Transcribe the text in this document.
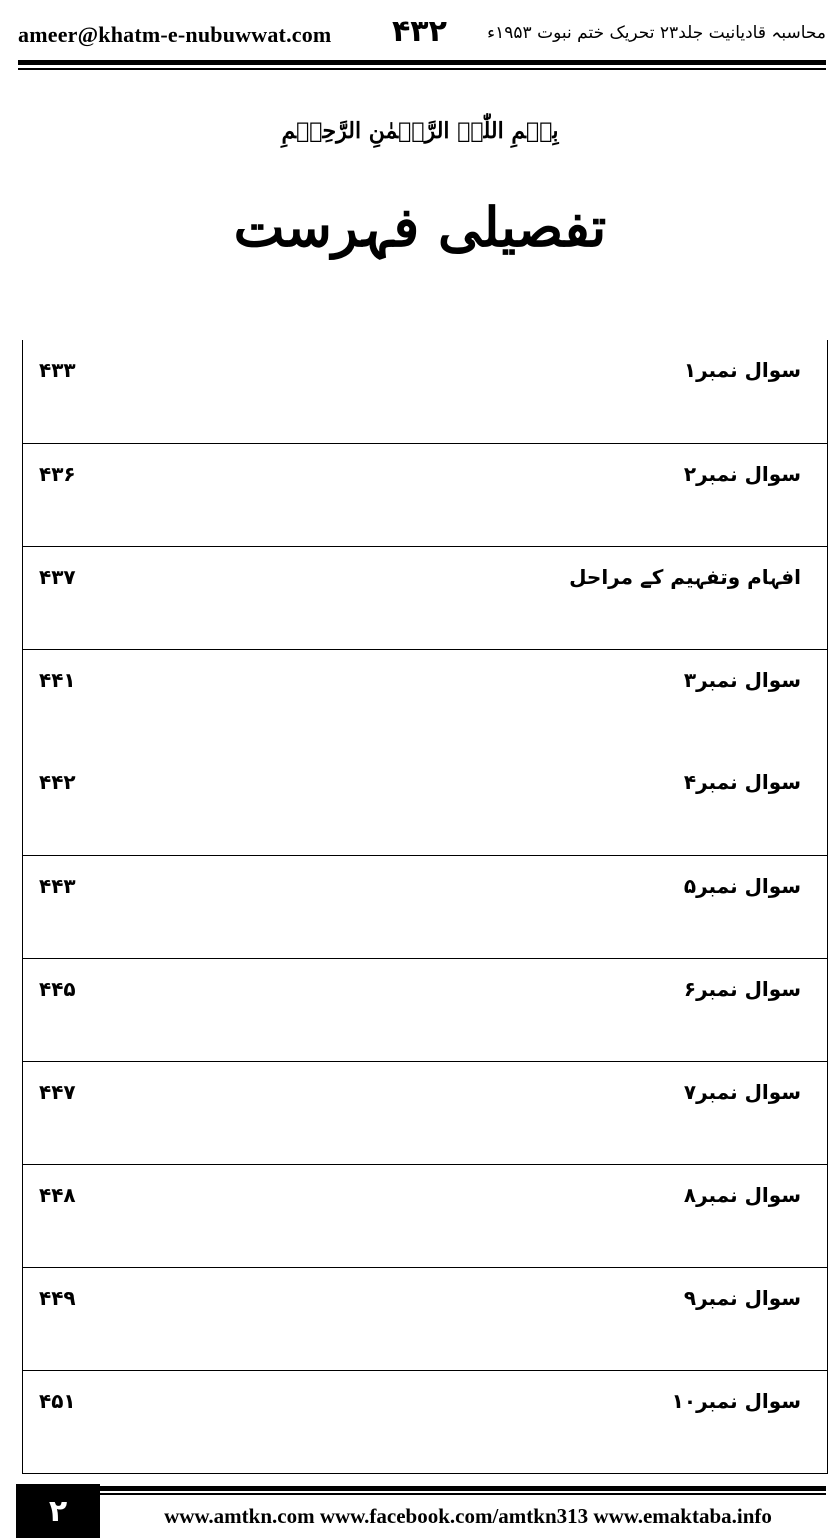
ameer@khatm-e-nubuwwat.com ۴۳۲ محاسبہ قادیانیت جلد۲۳ تحریک ختم نبوت ۱۹۵۳ء
بِسۡمِ اللّٰہِ الرَّحۡمٰنِ الرَّحِیۡمِ
تفصیلی فہرست
سوال نمبر۱
۴۳۳
سوال نمبر۲
۴۳۶
افہام وتفہیم کے مراحل
۴۳۷
سوال نمبر۳
۴۴۱
سوال نمبر۴
۴۴۲
سوال نمبر۵
۴۴۳
سوال نمبر۶
۴۴۵
سوال نمبر۷
۴۴۷
سوال نمبر۸
۴۴۸
سوال نمبر۹
۴۴۹
سوال نمبر۱۰
۴۵۱
۲	www.amtkn.com www.facebook.com/amtkn313 www.emaktaba.info
